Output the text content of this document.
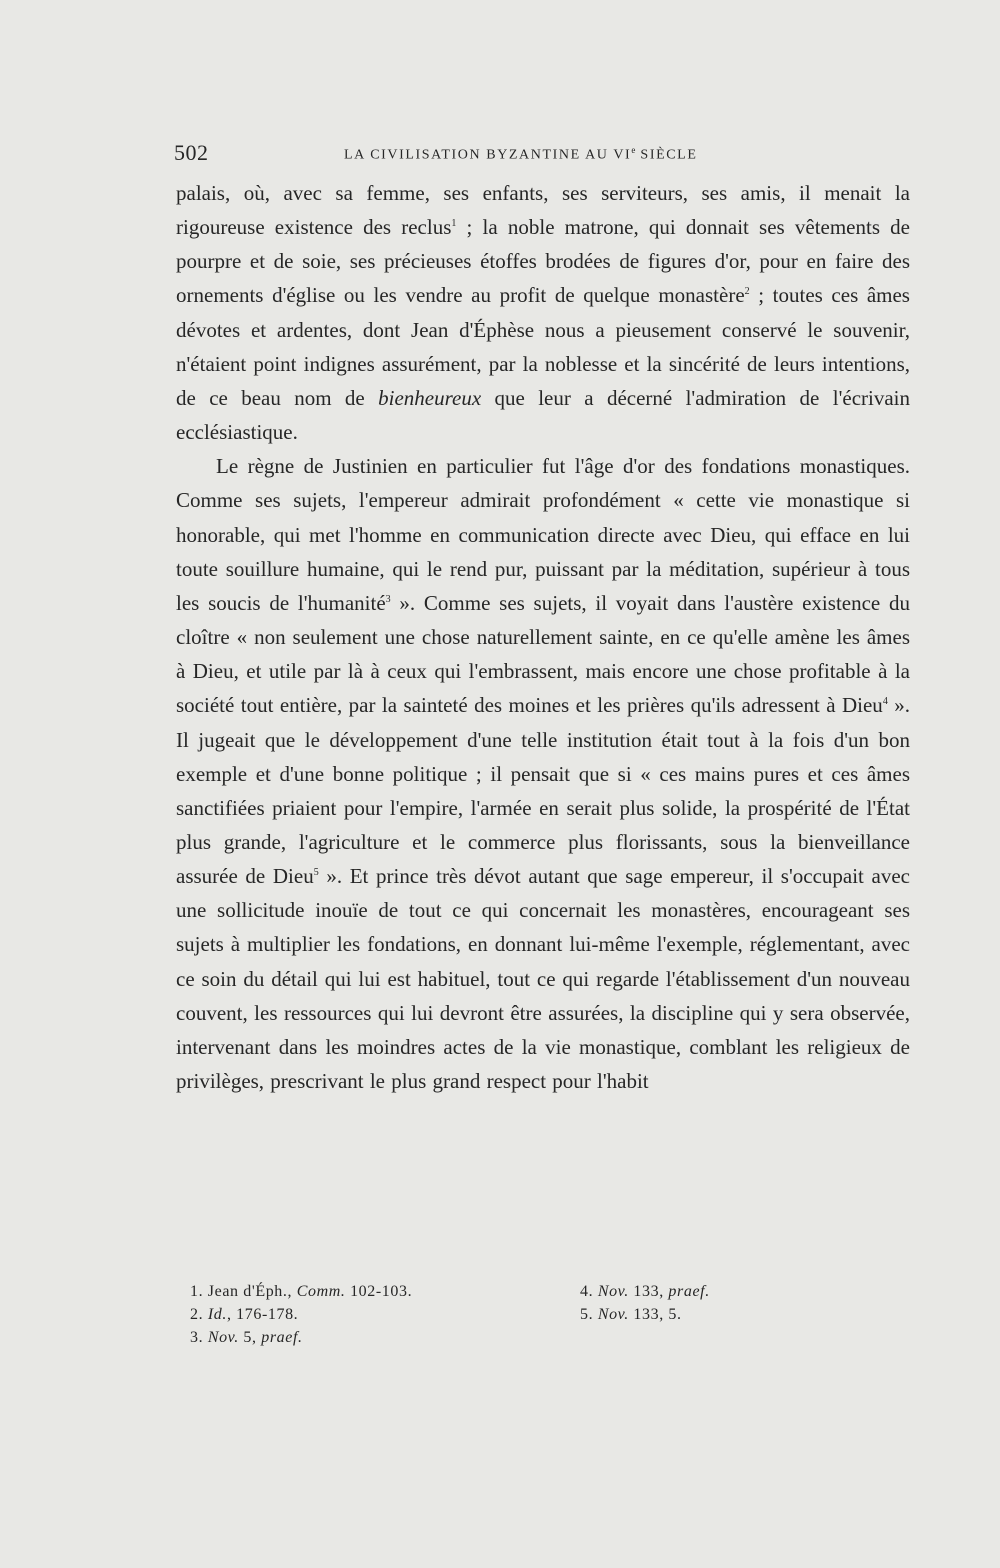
502	LA CIVILISATION BYZANTINE AU VIe SIÈCLE

palais, où, avec sa femme, ses enfants, ses serviteurs, ses amis, il menait la rigoureuse existence des reclus$^1$ ; la noble matrone, qui donnait ses vêtements de pourpre et de soie, ses précieuses étoffes brodées de figures d'or, pour en faire des ornements d'église ou les vendre au profit de quelque monastère$^2$ ; toutes ces âmes dévotes et ardentes, dont Jean d'Éphèse nous a pieusement conservé le souvenir, n'étaient point indignes assurément, par la noblesse et la sincérité de leurs intentions, de ce beau nom de bienheureux que leur a décerné l'admiration de l'écrivain ecclésiastique.

Le règne de Justinien en particulier fut l'âge d'or des fondations monastiques. Comme ses sujets, l'empereur admirait profondément « cette vie monastique si honorable, qui met l'homme en communication directe avec Dieu, qui efface en lui toute souillure humaine, qui le rend pur, puissant par la méditation, supérieur à tous les soucis de l'humanité$^3$ ». Comme ses sujets, il voyait dans l'austère existence du cloître « non seulement une chose naturellement sainte, en ce qu'elle amène les âmes à Dieu, et utile par là à ceux qui l'embrassent, mais encore une chose profitable à la société tout entière, par la sainteté des moines et les prières qu'ils adressent à Dieu$^4$ ». Il jugeait que le développement d'une telle institution était tout à la fois d'un bon exemple et d'une bonne politique ; il pensait que si « ces mains pures et ces âmes sanctifiées priaient pour l'empire, l'armée en serait plus solide, la prospérité de l'État plus grande, l'agriculture et le commerce plus florissants, sous la bienveillance assurée de Dieu$^5$ ». Et prince très dévot autant que sage empereur, il s'occupait avec une sollicitude inouïe de tout ce qui concernait les monastères, encourageant ses sujets à multiplier les fondations, en donnant lui-même l'exemple, réglementant, avec ce soin du détail qui lui est habituel, tout ce qui regarde l'établissement d'un nouveau couvent, les ressources qui lui devront être assurées, la discipline qui y sera observée, intervenant dans les moindres actes de la vie monastique, comblant les religieux de privilèges, prescrivant le plus grand respect pour l'habit

1. Jean d'Éph., Comm. 102-103.
2. Id., 176-178.
3. Nov. 5, praef.
4. Nov. 133, praef.
5. Nov. 133, 5.
